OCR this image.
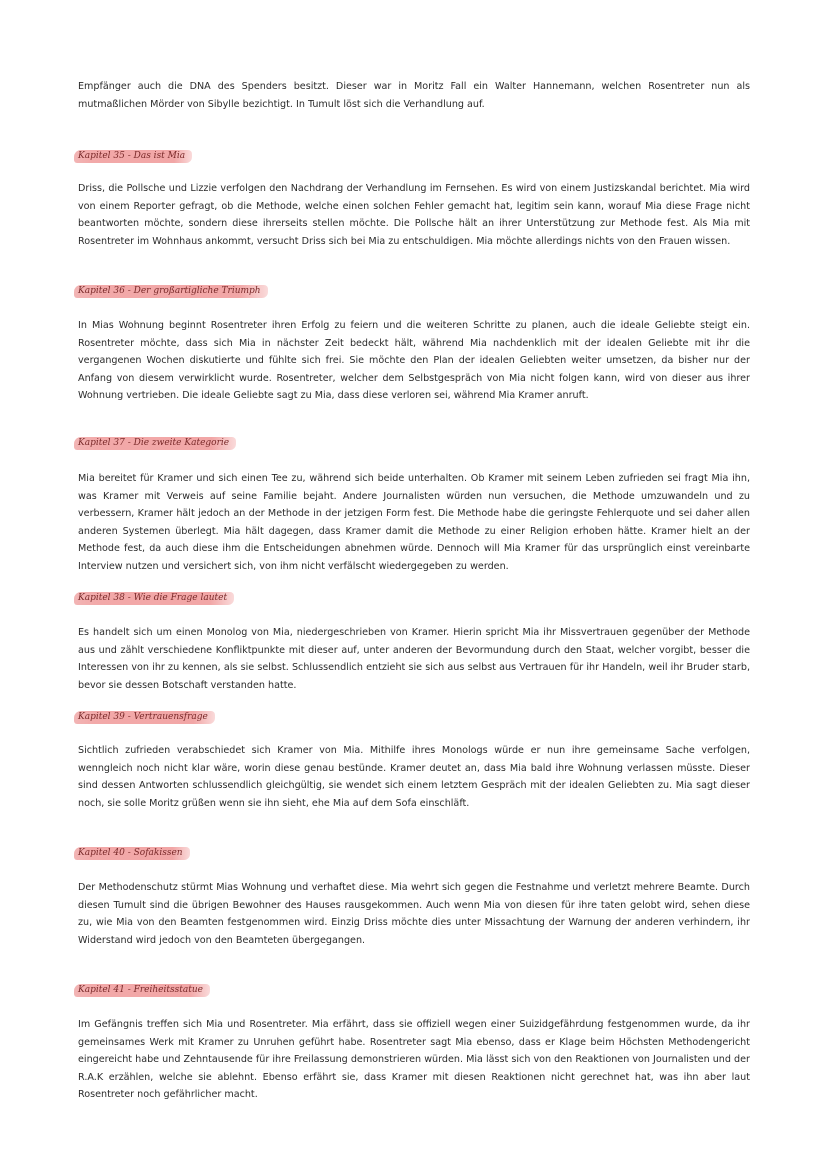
Empfänger auch die DNA des Spenders besitzt. Dieser war in Moritz Fall ein Walter Hannemann, welchen Rosentreter nun als mutmaßlichen Mörder von Sibylle bezichtigt. In Tumult löst sich die Verhandlung auf.

Kapitel 35 - Das ist Mia

Driss, die Pollsche und Lizzie verfolgen den Nachdrang der Verhandlung im Fernsehen. Es wird von einem Justizskandal berichtet. Mia wird von einem Reporter gefragt, ob die Methode, welche einen solchen Fehler gemacht hat, legitim sein kann, worauf Mia diese Frage nicht beantworten möchte, sondern diese ihrerseits stellen möchte. Die Pollsche hält an ihrer Unterstützung zur Methode fest. Als Mia mit Rosentreter im Wohnhaus ankommt, versucht Driss sich bei Mia zu entschuldigen. Mia möchte allerdings nichts von den Frauen wissen.

Kapitel 36 - Der großartigliche Triumph

In Mias Wohnung beginnt Rosentreter ihren Erfolg zu feiern und die weiteren Schritte zu planen, auch die ideale Geliebte steigt ein. Rosentreter möchte, dass sich Mia in nächster Zeit bedeckt hält, während Mia nachdenklich mit der idealen Geliebte mit ihr die vergangenen Wochen diskutierte und fühlte sich frei. Sie möchte den Plan der idealen Geliebten weiter umsetzen, da bisher nur der Anfang von diesem verwirklicht wurde. Rosentreter, welcher dem Selbstgespräch von Mia nicht folgen kann, wird von dieser aus ihrer Wohnung vertrieben. Die ideale Geliebte sagt zu Mia, dass diese verloren sei, während Mia Kramer anruft.

Kapitel 37 - Die zweite Kategorie

Mia bereitet für Kramer und sich einen Tee zu, während sich beide unterhalten. Ob Kramer mit seinem Leben zufrieden sei fragt Mia ihn, was Kramer mit Verweis auf seine Familie bejaht. Andere Journalisten würden nun versuchen, die Methode umzuwandeln und zu verbessern, Kramer hält jedoch an der Methode in der jetzigen Form fest. Die Methode habe die geringste Fehlerquote und sei daher allen anderen Systemen überlegt. Mia hält dagegen, dass Kramer damit die Methode zu einer Religion erhoben hätte. Kramer hielt an der Methode fest, da auch diese ihm die Entscheidungen abnehmen würde. Dennoch will Mia Kramer für das ursprünglich einst vereinbarte Interview nutzen und versichert sich, von ihm nicht verfälscht wiedergegeben zu werden.

Kapitel 38 - Wie die Frage lautet

Es handelt sich um einen Monolog von Mia, niedergeschrieben von Kramer. Hierin spricht Mia ihr Missvertrauen gegenüber der Methode aus und zählt verschiedene Konfliktpunkte mit dieser auf, unter anderen der Bevormundung durch den Staat, welcher vorgibt, besser die Interessen von ihr zu kennen, als sie selbst. Schlussendlich entzieht sie sich aus selbst aus Vertrauen für ihr Handeln, weil ihr Bruder starb, bevor sie dessen Botschaft verstanden hatte.

Kapitel 39 - Vertrauensfrage

Sichtlich zufrieden verabschiedet sich Kramer von Mia. Mithilfe ihres Monologs würde er nun ihre gemeinsame Sache verfolgen, wenngleich noch nicht klar wäre, worin diese genau bestünde. Kramer deutet an, dass Mia bald ihre Wohnung verlassen müsste. Dieser sind dessen Antworten schlussendlich gleichgültig, sie wendet sich einem letztem Gespräch mit der idealen Geliebten zu. Mia sagt dieser noch, sie solle Moritz grüßen wenn sie ihn sieht, ehe Mia auf dem Sofa einschläft.

Kapitel 40 - Sofakissen

Der Methodenschutz stürmt Mias Wohnung und verhaftet diese. Mia wehrt sich gegen die Festnahme und verletzt mehrere Beamte. Durch diesen Tumult sind die übrigen Bewohner des Hauses rausgekommen. Auch wenn Mia von diesen für ihre taten gelobt wird, sehen diese zu, wie Mia von den Beamten festgenommen wird. Einzig Driss möchte dies unter Missachtung der Warnung der anderen verhindern, ihr Widerstand wird jedoch von den Beamteten übergegangen.

Kapitel 41 - Freiheitsstatue

Im Gefängnis treffen sich Mia und Rosentreter. Mia erfährt, dass sie offiziell wegen einer Suizidgefährdung festgenommen wurde, da ihr gemeinsames Werk mit Kramer zu Unruhen geführt habe. Rosentreter sagt Mia ebenso, dass er Klage beim Höchsten Methodengericht eingereicht habe und Zehntausende für ihre Freilassung demonstrieren würden. Mia lässt sich von den Reaktionen von Journalisten und der R.A.K erzählen, welche sie ablehnt. Ebenso erfährt sie, dass Kramer mit diesen Reaktionen nicht gerechnet hat, was ihn aber laut Rosentreter noch gefährlicher macht.
